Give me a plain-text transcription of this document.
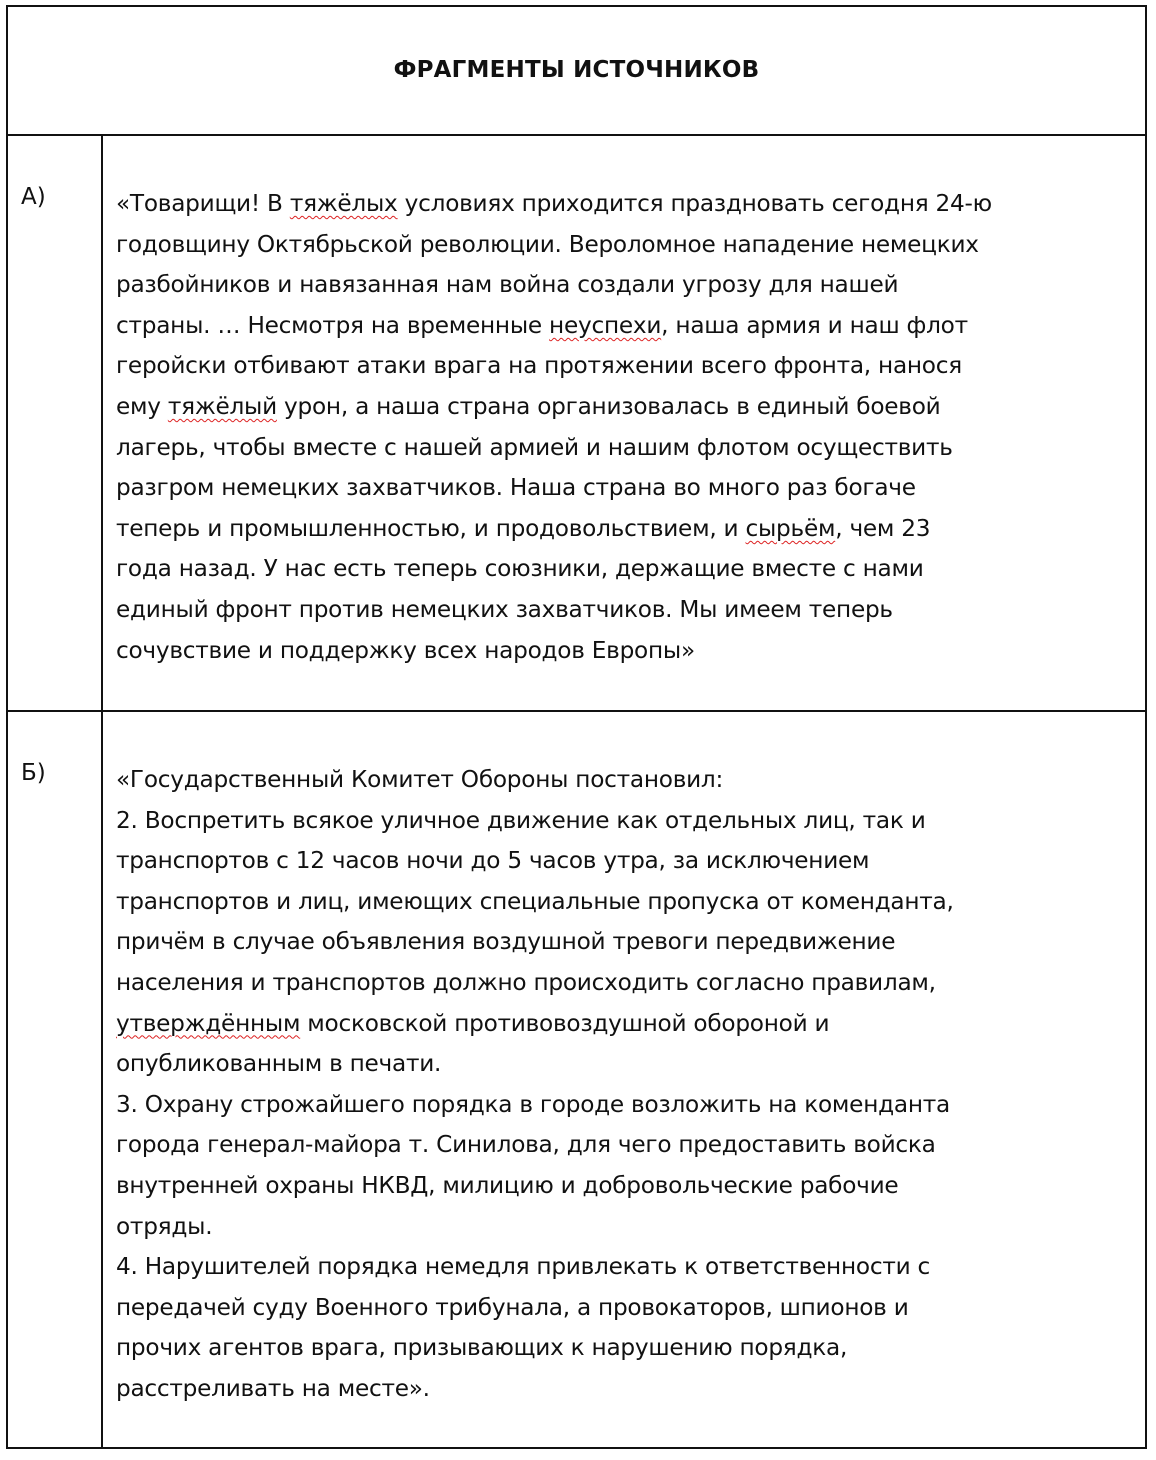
ФРАГМЕНТЫ ИСТОЧНИКОВ
А)	«Товарищи! В тяжёлых условиях приходится праздновать сегодня 24-ю
годовщину Октябрьской революции. Вероломное нападение немецких
разбойников и навязанная нам война создали угрозу для нашей
страны. … Несмотря на временные неуспехи, наша армия и наш флот
геройски отбивают атаки врага на протяжении всего фронта, нанося
ему тяжёлый урон, а наша страна организовалась в единый боевой
лагерь, чтобы вместе с нашей армией и нашим флотом осуществить
разгром немецких захватчиков. Наша страна во много раз богаче
теперь и промышленностью, и продовольствием, и сырьём, чем 23
года назад. У нас есть теперь союзники, держащие вместе с нами
единый фронт против немецких захватчиков. Мы имеем теперь
сочувствие и поддержку всех народов Европы»
Б)	«Государственный Комитет Обороны постановил:
2. Воспретить всякое уличное движение как отдельных лиц, так и
транспортов с 12 часов ночи до 5 часов утра, за исключением
транспортов и лиц, имеющих специальные пропуска от коменданта,
причём в случае объявления воздушной тревоги передвижение
населения и транспортов должно происходить согласно правилам,
утверждённым московской противовоздушной обороной и
опубликованным в печати.
3. Охрану строжайшего порядка в городе возложить на коменданта
города генерал-майора т. Синилова, для чего предоставить войска
внутренней охраны НКВД, милицию и добровольческие рабочие
отряды.
4. Нарушителей порядка немедля привлекать к ответственности с
передачей суду Военного трибунала, а провокаторов, шпионов и
прочих агентов врага, призывающих к нарушению порядка,
расстреливать на месте».
